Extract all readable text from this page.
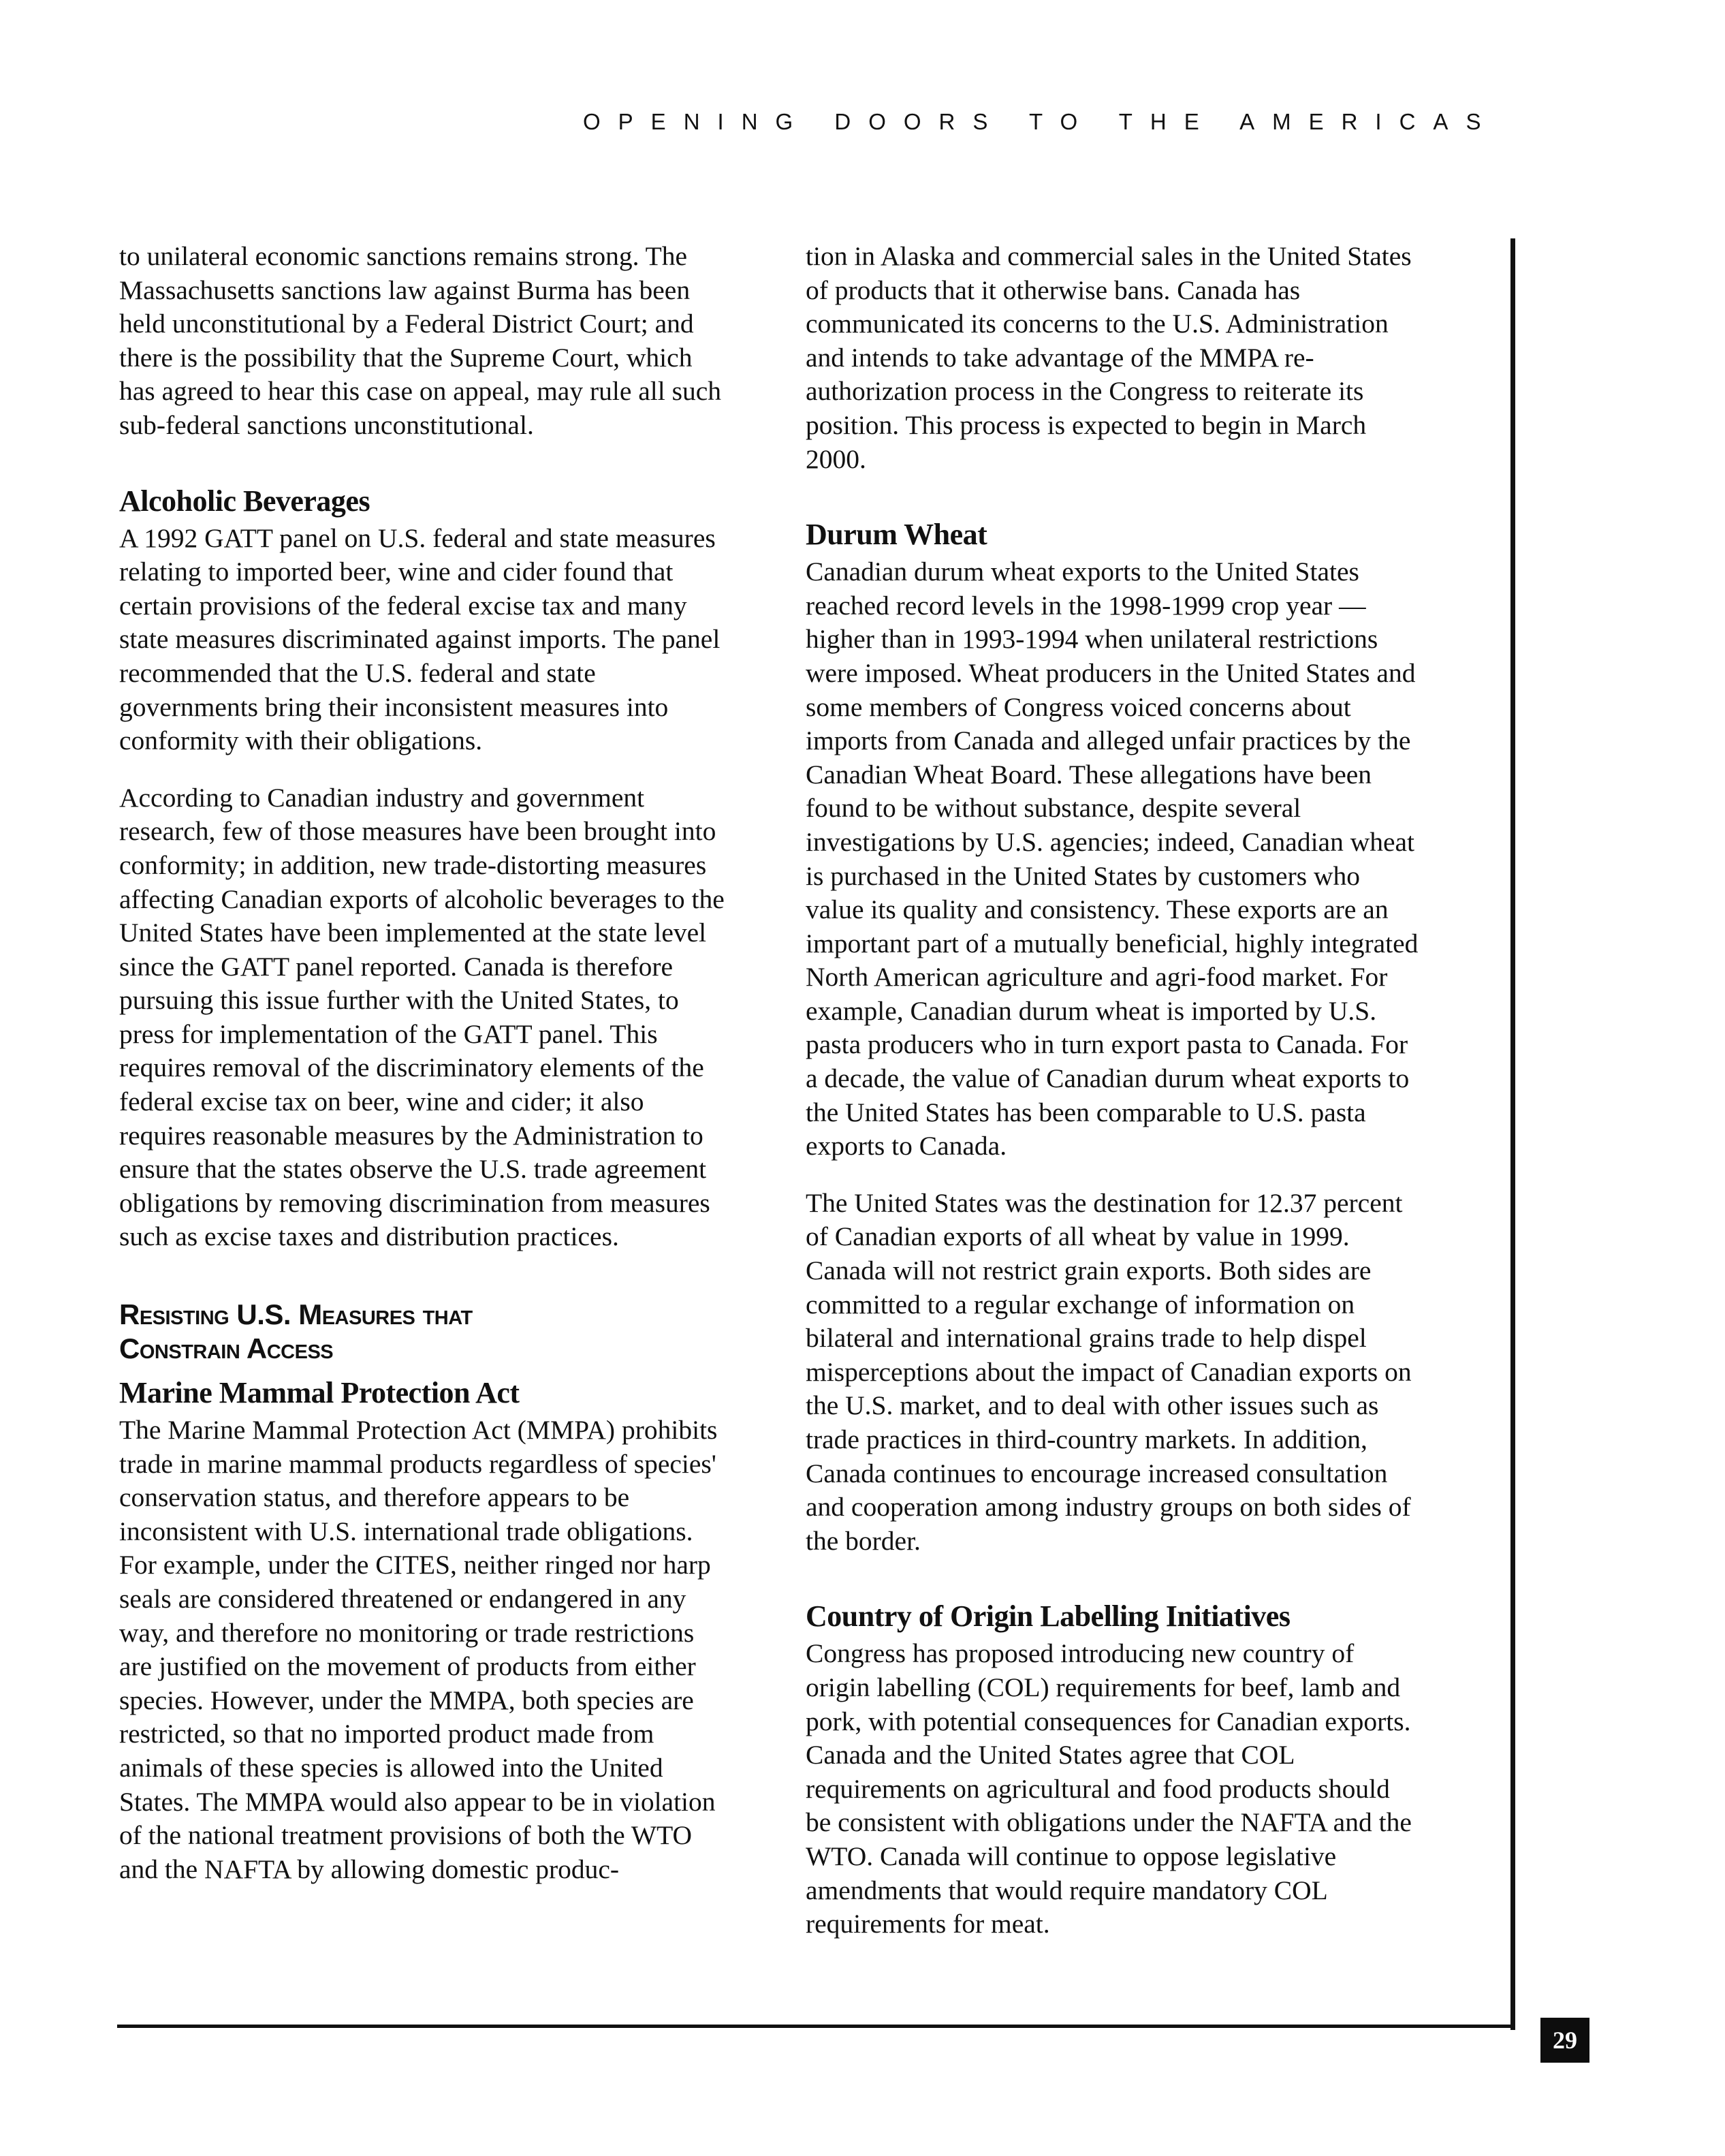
OPENING DOORS TO THE AMERICAS

to unilateral economic sanctions remains strong. The Massachusetts sanctions law against Burma has been held unconstitutional by a Federal District Court; and there is the possibility that the Supreme Court, which has agreed to hear this case on appeal, may rule all such sub-federal sanctions unconstitutional.

Alcoholic Beverages

A 1992 GATT panel on U.S. federal and state measures relating to imported beer, wine and cider found that certain provisions of the federal excise tax and many state measures discriminated against imports. The panel recommended that the U.S. federal and state governments bring their inconsistent measures into conformity with their obligations.

According to Canadian industry and government research, few of those measures have been brought into conformity; in addition, new trade-distorting measures affecting Canadian exports of alcoholic beverages to the United States have been implemented at the state level since the GATT panel reported. Canada is therefore pursuing this issue further with the United States, to press for implementation of the GATT panel. This requires removal of the discriminatory elements of the federal excise tax on beer, wine and cider; it also requires reasonable measures by the Administration to ensure that the states observe the U.S. trade agreement obligations by removing discrimination from measures such as excise taxes and distribution practices.

Resisting U.S. Measures that
Constrain Access
Marine Mammal Protection Act

The Marine Mammal Protection Act (MMPA) prohibits trade in marine mammal products regardless of species' conservation status, and therefore appears to be inconsistent with U.S. international trade obligations. For example, under the CITES, neither ringed nor harp seals are considered threatened or endangered in any way, and therefore no monitoring or trade restrictions are justified on the movement of products from either species. However, under the MMPA, both species are restricted, so that no imported product made from animals of these species is allowed into the United States. The MMPA would also appear to be in violation of the national treatment provisions of both the WTO and the NAFTA by allowing domestic produc-

tion in Alaska and commercial sales in the United States of products that it otherwise bans. Canada has communicated its concerns to the U.S. Administration and intends to take advantage of the MMPA re-authorization process in the Congress to reiterate its position. This process is expected to begin in March 2000.

Durum Wheat

Canadian durum wheat exports to the United States reached record levels in the 1998-1999 crop year — higher than in 1993-1994 when unilateral restrictions were imposed. Wheat producers in the United States and some members of Congress voiced concerns about imports from Canada and alleged unfair practices by the Canadian Wheat Board. These allegations have been found to be without substance, despite several investigations by U.S. agencies; indeed, Canadian wheat is purchased in the United States by customers who value its quality and consistency. These exports are an important part of a mutually beneficial, highly integrated North American agriculture and agri-food market. For example, Canadian durum wheat is imported by U.S. pasta producers who in turn export pasta to Canada. For a decade, the value of Canadian durum wheat exports to the United States has been comparable to U.S. pasta exports to Canada.

The United States was the destination for 12.37 percent of Canadian exports of all wheat by value in 1999. Canada will not restrict grain exports. Both sides are committed to a regular exchange of information on bilateral and international grains trade to help dispel misperceptions about the impact of Canadian exports on the U.S. market, and to deal with other issues such as trade practices in third-country markets. In addition, Canada continues to encourage increased consultation and cooperation among industry groups on both sides of the border.

Country of Origin Labelling Initiatives

Congress has proposed introducing new country of origin labelling (COL) requirements for beef, lamb and pork, with potential consequences for Canadian exports. Canada and the United States agree that COL requirements on agricultural and food products should be consistent with obligations under the NAFTA and the WTO. Canada will continue to oppose legislative amendments that would require mandatory COL requirements for meat.

29
